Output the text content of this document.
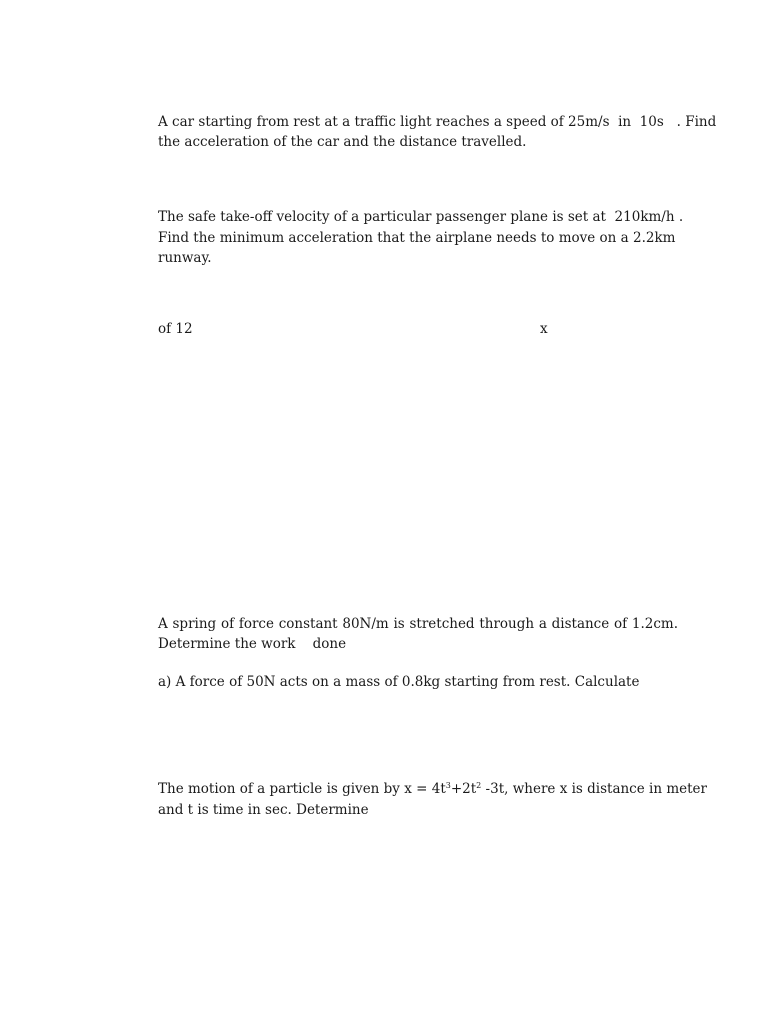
A car starting from rest at a traffic light reaches a speed of 25m/s  in  10s   . Find

the acceleration of the car and the distance travelled.

The safe take-off velocity of a particular passenger plane is set at  210km/h .

Find the minimum acceleration that the airplane needs to move on a 2.2km

runway.

of 12	x

A spring of force constant 80N/m is stretched through a distance of 1.2cm.

Determine the work    done

a) A force of 50N acts on a mass of 0.8kg starting from rest. Calculate

The motion of a particle is given by $x = 4t^3+2t^2$ -3t, where x is distance in meter

and t is time in sec. Determine
